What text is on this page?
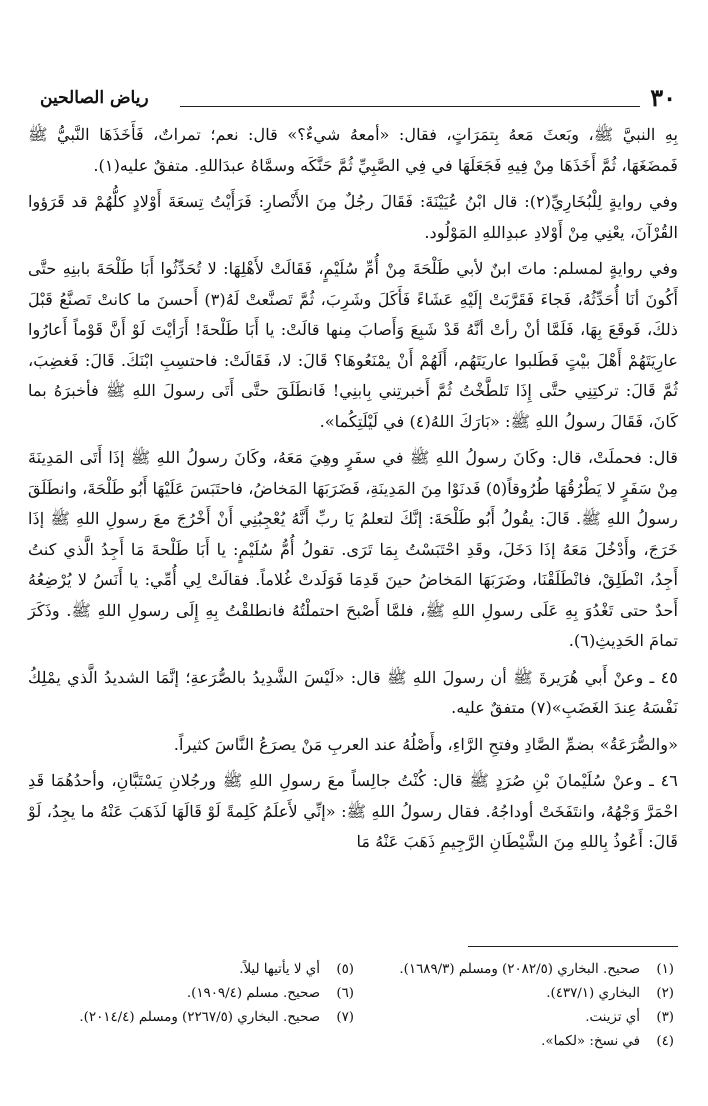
٣٠
رياض الصالحين

بِهِ النبيَّ ﷺ، وبَعثَ مَعهُ بِتمَرَاتٍ، فقال: «أمعهُ شيءٌ؟» قال: نعم؛ تمراتٌ، فَأَخَذَهَا النَّبيُّ ﷺ فَمضَغَهَا، ثُمَّ أَخَذَهَا مِنْ فِيهِ فَجَعَلَهَا في فِي الصَّبِيِّ ثُمَّ حَنَّكَه وسمَّاهُ عبدَاللهِ. متفقٌ عليه(١).

وفي روايةٍ لِلْبُخَارِيِّ(٢): قال ابْنُ عُيَيْنَةَ: فَقَالَ رجُلٌ مِنَ الأَنْصارِ: فَرَأَيْتُ تِسعَةَ أَوْلادٍ كلُّهُمْ قد قَرَؤوا القُرْآنَ، يعْنِي مِنْ أَوْلادِ عبدِاللهِ المَوْلُود.

وفي روايةٍ لمسلم: ماتَ ابنٌ لأبي طَلْحَةَ مِنْ أُمِّ سُلَيْمٍ، فَقَالَتْ لأَهْلِهَا: لا تُحَدِّثُوا أَبَا طَلْحَةَ بابنِهِ حتَّى أَكُونَ أنَا أُحَدِّثُهُ، فَجاءَ فَقَرَّبَتْ إلَيْهِ عَشَاءً فَأَكَلَ وشَرِبَ، ثُمَّ تَصنَّعتْ لَهُ(٣) أَحسنَ ما كانتْ تَصنَّعُ قَبْلَ ذلكَ، فَوقَعَ بِهَا، فَلَمَّا أنْ رأتْ أنَّهُ قَدْ شَبِعَ وَأَصابَ مِنها قالَتْ: يا أَبَا طَلْحةَ! أَرَأيْتَ لَوْ أَنَّ قَوْماً أَعارُوا عارِيَتَهُمْ أَهْلَ بيْتٍ فَطَلبوا عاريَتَهُم، أَلَهُمْ أَنْ يمْنَعُوهَا؟ قَالَ: لا، فَقَالَتْ: فاحتسِبِ ابْنَكَ. قَالَ: فَغضِبَ، ثُمَّ قَالَ: تركتِنِي حتَّى إِذَا تَلطَّخْتُ ثُمَّ أَخبرتِني بِابنِي! فَانطَلَقَ حتَّى أَتَى رسولَ اللهِ ﷺ فأخبرَهُ بما كَانَ، فَقَالَ رسولُ اللهِ ﷺ: «بَارَكَ اللهُ(٤) في لَيْلَتِكُما».

قال: فحملَتْ، قال: وكَانَ رسولُ اللهِ ﷺ في سفَرٍ وهِيَ مَعَهُ، وكَانَ رسولُ اللهِ ﷺ إذَا أَتَى المَدِينَةَ مِنْ سَفَرٍ لا يَطْرُقُهَا طُرُوقاً(٥) فَدنَوْا مِنَ المَدِينَةِ، فَضَرَبَهَا المَخاضُ، فاحتَبَسَ عَلَيْهَا أَبُو طَلْحَةَ، وانطَلَقَ رسولُ اللهِ ﷺ. قَالَ: يقُولُ أَبُو طَلْحَةَ: إنَّكَ لتعلمُ يَا ربِّ أَنَّهُ يُعْجِبُنِي أَنْ أَخْرُجَ معَ رسولِ اللهِ ﷺ إذَا خَرَجَ، وأَدْخُلَ مَعَهُ إذَا دَخَلَ، وقَدِ احْتَبَسْتُ بِمَا تَرَى. تقولُ أُمُّ سُلَيْمٍ: يا أَبَا طَلْحةَ مَا أَجِدُ الَّذي كنتُ أَجِدُ، انْطَلِقْ، فانْطَلَقْنَا، وضَرَبَهَا المَخاضُ حينَ قَدِمَا فَوَلَدتْ غُلاماً. فقالَتْ لِي أُمِّي: يا أَنَسُ لا يُرْضِعُهُ أَحدٌ حتى تَغْدُوَ بِهِ عَلَى رسولِ اللهِ ﷺ، فلمَّا أَصْبحَ احتملْتُهُ فانطلقْتُ بِهِ إِلَى رسولِ اللهِ ﷺ. وذَكَرَ تمامَ الحَدِيثِ(٦).

٤٥ ـ وعنْ أَبي هُرَيرةَ ﷺ أن رسولَ اللهِ ﷺ قال: «لَيْسَ الشَّدِيدُ بالصُّرَعةِ؛ إنَّمَا الشديدُ الَّذي يمْلِكُ نَفْسَهُ عِندَ الغَضَبِ»(٧) متفقٌ عليه.

«والصُّرَعَةُ» بضمِّ الصَّادِ وفتحِ الرَّاءِ، وأَصْلُهُ عند العربِ مَنْ يصرَعُ النَّاسَ كثيراً.

٤٦ ـ وعنْ سُلَيْمانَ بْنِ صُرَدٍ ﷺ قال: كُنْتُ جالِساً معَ رسولِ اللهِ ﷺ ورجُلانِ يَسْتَبَّانِ، وأحدُهُمَا قَدِ احْمَرَّ وَجْهُهُ، وانتَفَخَتْ أوداجُهُ. فقال رسولُ اللهِ ﷺ: «إنِّي لأَعلَمُ كَلِمةً لَوْ قَالَهَا لَذَهَبَ عَنْهُ ما يجِدُ، لَوْ قَالَ: أَعُوذُ بِاللهِ مِنَ الشَّيْطَانِ الرَّجِيمِ ذَهَبَ عَنْهُ مَا

(١)
صحيح. البخاري (٢٠٨٢/٥) ومسلم (١٦٨٩/٣).
(٢)
البخاري (٤٣٧/١).
(٣)
أي تزينت.
(٤)
في نسخ: «لكما».
(٥)
أي لا يأتيها ليلاً.
(٦)
صحيح. مسلم (١٩٠٩/٤).
(٧)
صحيح. البخاري (٢٢٦٧/٥) ومسلم (٢٠١٤/٤).
